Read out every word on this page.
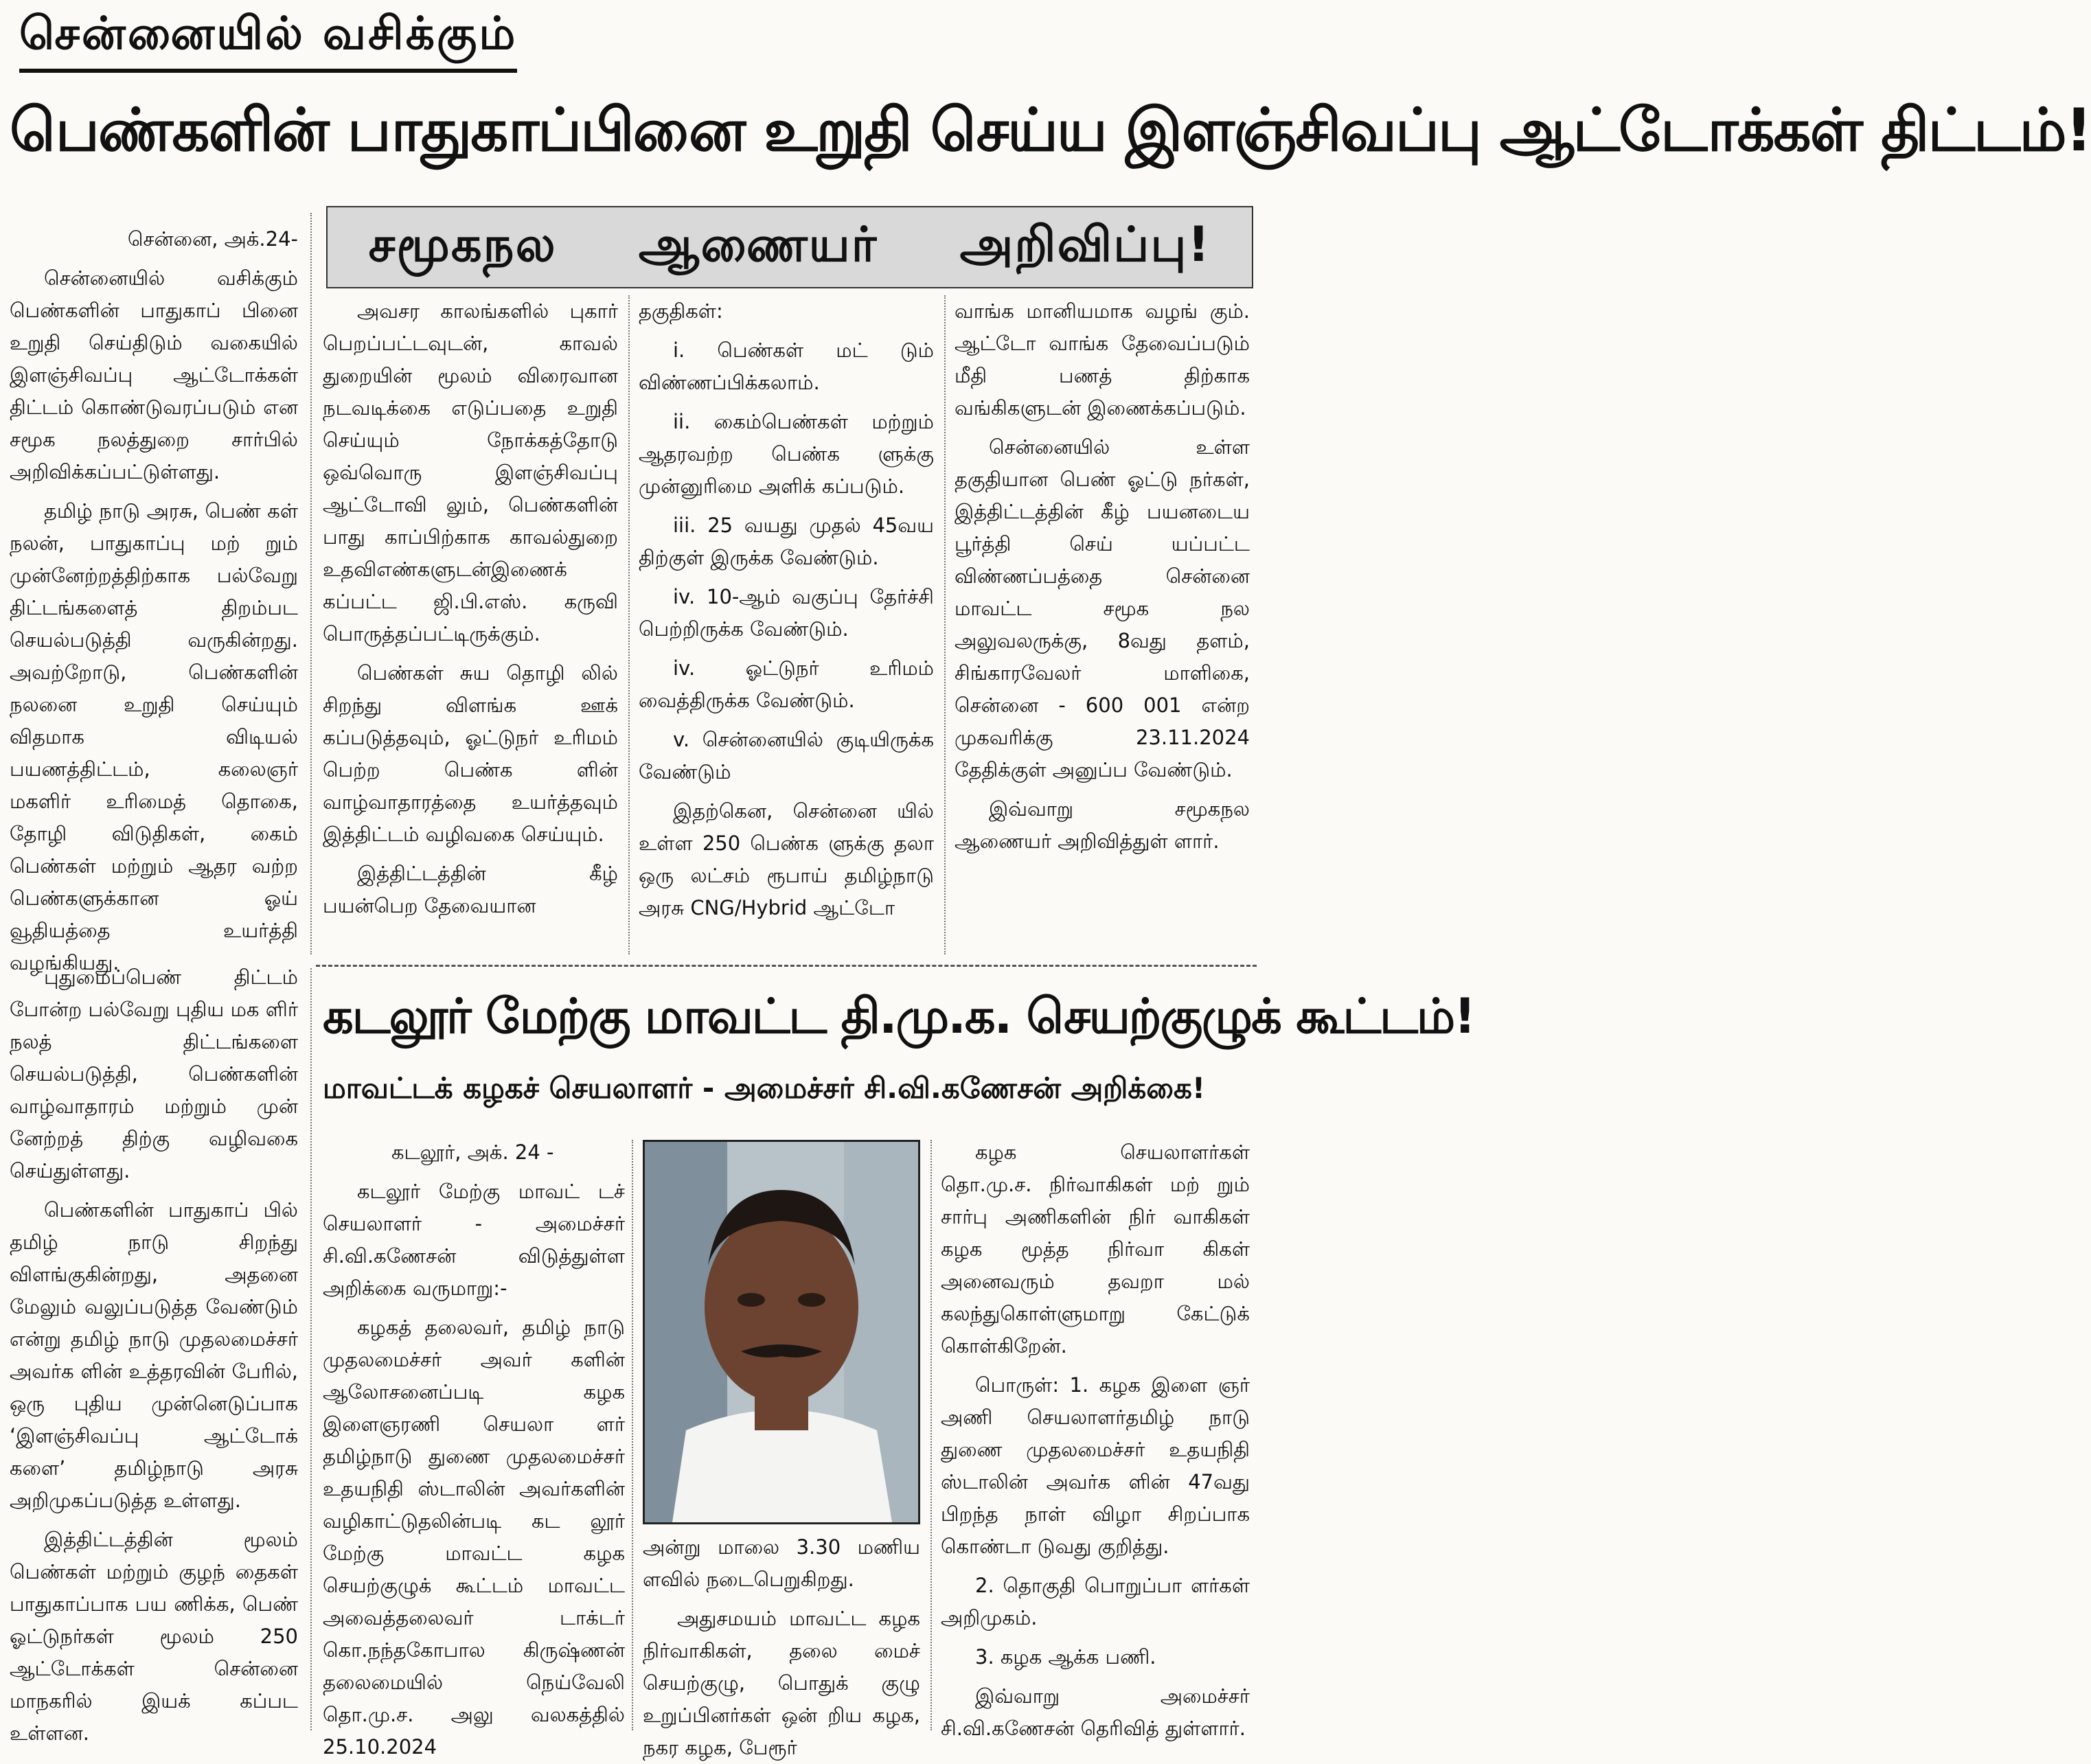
சென்னையில் வசிக்கும்
பெண்களின் பாதுகாப்பினை உறுதி செய்ய இளஞ்சிவப்பு ஆட்டோக்கள் திட்டம்!
சமூகநல ஆணையர் அறிவிப்பு!

சென்னை, அக்.24-

சென்னையில் வசிக்கும் பெண்களின் பாதுகாப் பினை உறுதி செய்திடும் வகையில் இளஞ்சிவப்பு ஆட்டோக்கள் திட்டம் கொண்டுவரப்படும் என சமூக நலத்துறை சார்பில் அறிவிக்கப்பட்டுள்ளது.

தமிழ் நாடு அரசு, பெண் கள் நலன், பாதுகாப்பு மற் றும் முன்னேற்றத்திற்காக பல்வேறு திட்டங்களைத் திறம்பட செயல்படுத்தி வருகின்றது. அவற்றோடு, பெண்களின் நலனை உறுதி செய்யும் விதமாக விடியல் பயணத்திட்டம், கலைஞர் மகளிர் உரிமைத் தொகை, தோழி விடுதிகள், கைம் பெண்கள் மற்றும் ஆதர வற்ற பெண்களுக்கான ஓய் வூதியத்தை உயர்த்தி வழங்கியது.

அவசர காலங்களில் புகார் பெறப்பட்டவுடன், காவல் துறையின் மூலம் விரைவான நடவடிக்கை எடுப்பதை உறுதி செய்யும் நோக்கத்தோடு ஒவ்வொரு இளஞ்சிவப்பு ஆட்டோவி லும், பெண்களின் பாது காப்பிற்காக காவல்துறை உதவிஎண்களுடன்இணைக் கப்பட்ட ஜி.பி.எஸ். கருவி பொருத்தப்பட்டிருக்கும்.

பெண்கள் சுய தொழி லில் சிறந்து விளங்க ஊக் கப்படுத்தவும், ஓட்டுநர் உரிமம் பெற்ற பெண்க ளின் வாழ்வாதாரத்தை உயர்த்தவும் இத்திட்டம் வழிவகை செய்யும்.

இத்திட்டத்தின் கீழ் பயன்பெற தேவையான

தகுதிகள்:

i. பெண்கள் மட் டும் விண்ணப்பிக்கலாம்.

ii. கைம்பெண்கள் மற்றும் ஆதரவற்ற பெண்க ளுக்கு முன்னுரிமை அளிக் கப்படும்.

iii. 25 வயது முதல் 45வய திற்குள் இருக்க வேண்டும்.

iv. 10-ஆம் வகுப்பு தேர்ச்சி பெற்றிருக்க வேண்டும்.

iv. ஓட்டுநர் உரிமம் வைத்திருக்க வேண்டும்.

v. சென்னையில் குடியிருக்க வேண்டும்

இதற்கென, சென்னை யில் உள்ள 250 பெண்க ளுக்கு தலா ஒரு லட்சம் ரூபாய் தமிழ்நாடு அரசு CNG/Hybrid ஆட்டோ

வாங்க மானியமாக வழங் கும். ஆட்டோ வாங்க தேவைப்படும் மீதி பணத் திற்காக வங்கிகளுடன் இணைக்கப்படும்.

சென்னையில் உள்ள தகுதியான பெண் ஓட்டு நர்கள், இத்திட்டத்தின் கீழ் பயனடைய பூர்த்தி செய் யப்பட்ட விண்ணப்பத்தை சென்னை மாவட்ட சமூக நல அலுவலருக்கு, 8வது தளம், சிங்காரவேலர் மாளிகை, சென்னை - 600 001 என்ற முகவரிக்கு 23.11.2024 தேதிக்குள் அனுப்ப வேண்டும்.

இவ்வாறு சமூகநல ஆணையர் அறிவித்துள் ளார்.

புதுமைப்பெண் திட்டம் போன்ற பல்வேறு புதிய மக ளிர் நலத் திட்டங்களை செயல்படுத்தி, பெண்களின் வாழ்வாதாரம் மற்றும் முன் னேற்றத் திற்கு வழிவகை செய்துள்ளது.

பெண்களின் பாதுகாப் பில் தமிழ் நாடு சிறந்து விளங்குகின்றது, அதனை மேலும் வலுப்படுத்த வேண்டும் என்று தமிழ் நாடு முதலமைச்சர் அவர்க ளின் உத்தரவின் பேரில், ஒரு புதிய முன்னெடுப்பாக ‘இளஞ்சிவப்பு ஆட்டோக் களை’ தமிழ்நாடு அரசு அறிமுகப்படுத்த உள்ளது.

இத்திட்டத்தின் மூலம் பெண்கள் மற்றும் குழந் தைகள் பாதுகாப்பாக பய ணிக்க, பெண் ஓட்டுநர்கள் மூலம் 250 ஆட்டோக்கள் சென்னை மாநகரில் இயக் கப்பட உள்ளன.

கடலூர் மேற்கு மாவட்ட தி.மு.க. செயற்குழுக் கூட்டம்!
மாவட்டக் கழகச் செயலாளர் - அமைச்சர் சி.வி.கணேசன் அறிக்கை!

கடலூர், அக். 24 -

கடலூர் மேற்கு மாவட் டச் செயலாளர் - அமைச்சர் சி.வி.கணேசன் விடுத்துள்ள அறிக்கை வருமாறு:-

கழகத் தலைவர், தமிழ் நாடு முதலமைச்சர் அவர் களின் ஆலோசனைப்படி கழக இளைஞரணி செயலா ளர் தமிழ்நாடு துணை முதலமைச்சர் உதயநிதி ஸ்டாலின் அவர்களின் வழிகாட்டுதலின்படி கட லூர் மேற்கு மாவட்ட கழக செயற்குழுக் கூட்டம் மாவட்ட அவைத்தலைவர் டாக்டர் கொ.நந்தகோபால கிருஷ்ணன் தலைமையில் நெய்வேலி தொ.மு.ச. அலு வலகத்தில் 25.10.2024

அன்று மாலை 3.30 மணிய ளவில் நடைபெறுகிறது.

அதுசமயம் மாவட்ட கழக நிர்வாகிகள், தலை மைச் செயற்குழு, பொதுக் குழு உறுப்பினர்கள் ஒன் றிய கழக, நகர கழக, பேரூர்

கழக செயலாளர்கள் தொ.மு.ச. நிர்வாகிகள் மற் றும் சார்பு அணிகளின் நிர் வாகிகள் கழக மூத்த நிர்வா கிகள் அனைவரும் தவறா மல் கலந்துகொள்ளுமாறு கேட்டுக் கொள்கிறேன்.

பொருள்: 1. கழக இளை ஞர் அணி செயலாளர்தமிழ் நாடு துணை முதலமைச்சர் உதயநிதி ஸ்டாலின் அவர்க ளின் 47வது பிறந்த நாள் விழா சிறப்பாக கொண்டா டுவது குறித்து.

2. தொகுதி பொறுப்பா ளர்கள் அறிமுகம்.

3. கழக ஆக்க பணி.

இவ்வாறு அமைச்சர் சி.வி.கணேசன் தெரிவித் துள்ளார்.
